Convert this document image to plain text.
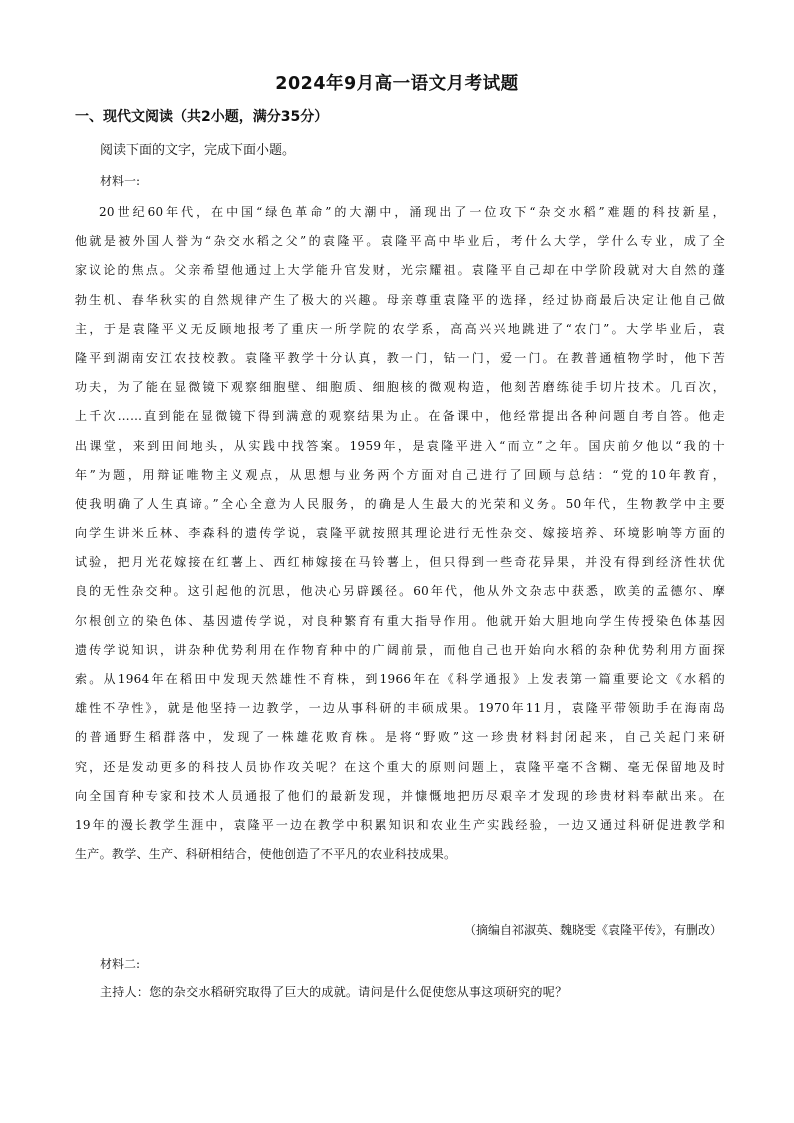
2024年9月高一语文月考试题
一、现代文阅读（共2小题，满分35分）
阅读下面的文字，完成下面小题。
材料一:
20世纪60年代，在中国“绿色革命”的大潮中，涌现出了一位攻下“杂交水稻”难题的科技新星，
他就是被外国人誉为“杂交水稻之父”的袁隆平。袁隆平高中毕业后，考什么大学，学什么专业，成了全
家议论的焦点。父亲希望他通过上大学能升官发财，光宗耀祖。袁隆平自己却在中学阶段就对大自然的蓬
勃生机、春华秋实的自然规律产生了极大的兴趣。母亲尊重袁隆平的选择，经过协商最后决定让他自己做
主，于是袁隆平义无反顾地报考了重庆一所学院的农学系，高高兴兴地跳进了“农门”。大学毕业后，袁
隆平到湖南安江农技校教。袁隆平教学十分认真，教一门，钻一门，爱一门。在教普通植物学时，他下苦
功夫，为了能在显微镜下观察细胞壁、细胞质、细胞核的微观构造，他刻苦磨练徒手切片技术。几百次，
上千次……直到能在显微镜下得到满意的观察结果为止。在备课中，他经常提出各种问题自考自答。他走
出课堂，来到田间地头，从实践中找答案。1959年，是袁隆平进入“而立”之年。国庆前夕他以“我的十
年”为题，用辩证唯物主义观点，从思想与业务两个方面对自己进行了回顾与总结：“党的10年教育，
使我明确了人生真谛。”全心全意为人民服务，的确是人生最大的光荣和义务。50年代，生物教学中主要
向学生讲米丘林、李森科的遗传学说，袁隆平就按照其理论进行无性杂交、嫁接培养、环境影响等方面的
试验，把月光花嫁接在红薯上、西红柿嫁接在马铃薯上，但只得到一些奇花异果，并没有得到经济性状优
良的无性杂交种。这引起他的沉思，他决心另辟蹊径。60年代，他从外文杂志中获悉，欧美的孟德尔、摩
尔根创立的染色体、基因遗传学说，对良种繁育有重大指导作用。他就开始大胆地向学生传授染色体基因
遗传学说知识，讲杂种优势利用在作物育种中的广阔前景，而他自己也开始向水稻的杂种优势利用方面探
索。从1964年在稻田中发现天然雄性不育株，到1966年在《科学通报》上发表第一篇重要论文《水稻的
雄性不孕性》，就是他坚持一边教学，一边从事科研的丰硕成果。1970年11月，袁隆平带领助手在海南岛
的普通野生稻群落中，发现了一株雄花败育株。是将“野败”这一珍贵材料封闭起来，自己关起门来研
究，还是发动更多的科技人员协作攻关呢？在这个重大的原则问题上，袁隆平毫不含糊、毫无保留地及时
向全国育种专家和技术人员通报了他们的最新发现，并慷慨地把历尽艰辛才发现的珍贵材料奉献出来。在
19年的漫长教学生涯中，袁隆平一边在教学中积累知识和农业生产实践经验，一边又通过科研促进教学和
生产。教学、生产、科研相结合，使他创造了不平凡的农业科技成果。
（摘编自祁淑英、魏晓雯《袁隆平传》，有删改）
材料二:
主持人：您的杂交水稻研究取得了巨大的成就。请问是什么促使您从事这项研究的呢？
